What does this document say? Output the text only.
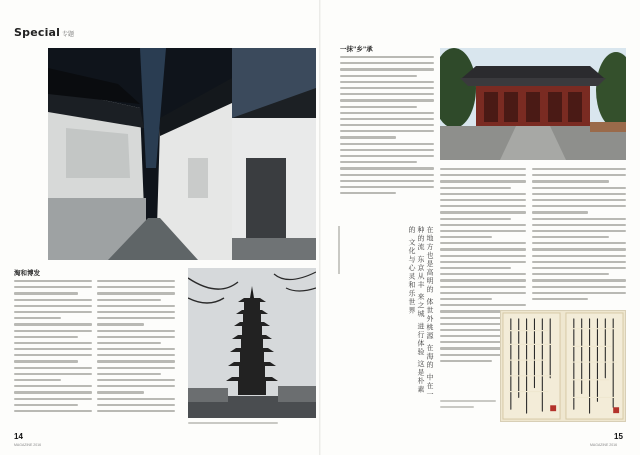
Special 专题
淘和博发
14
MAGAZINE 2016
一抹"乡"承
在地方也是高明的 体世外桃源 在海的 中在一种的流 东京从丰 来之城 进行体验 这是朴素的 文化与心灵和乐世界
15
MAGAZINE 2016
